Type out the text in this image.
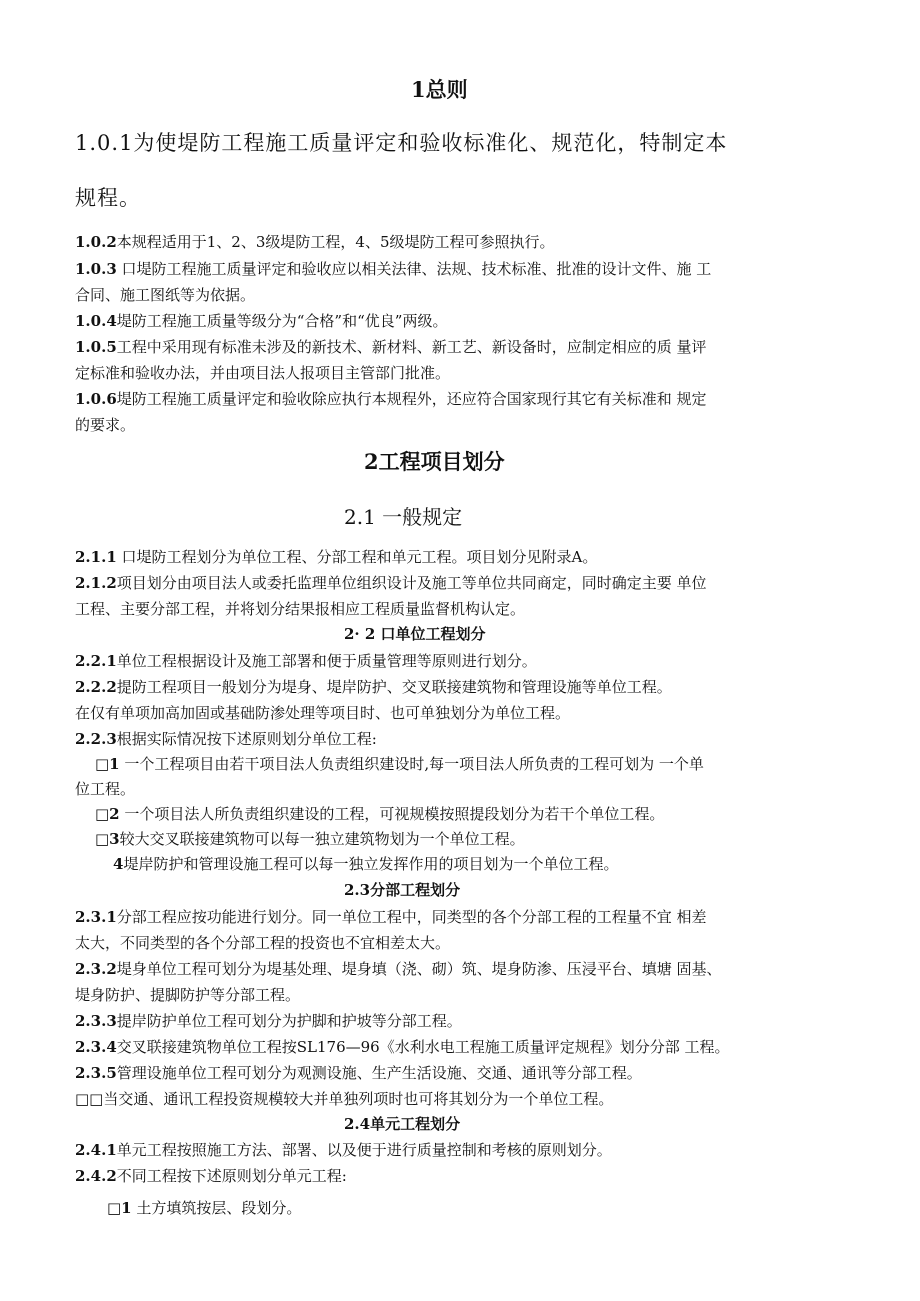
1总则
1.0.1为使堤防工程施工质量评定和验收标准化、规范化，特制定本
规程。
1.0.2本规程适用于1、2、3级堤防工程，4、5级堤防工程可参照执行。
1.0.3 口堤防工程施工质量评定和验收应以相关法律、法规、技术标准、批准的设计文件、施 工
合同、施工图纸等为依据。
1.0.4堤防工程施工质量等级分为“合格”和“优良”两级。
1.0.5工程中采用现有标准未涉及的新技术、新材料、新工艺、新设备时，应制定相应的质 量评
定标准和验收办法，并由项目法人报项目主管部门批准。
1.0.6堤防工程施工质量评定和验收除应执行本规程外，还应符合国家现行其它有关标准和 规定
的要求。
2工程项目划分
2.1 一般规定
2.1.1 口堤防工程划分为单位工程、分部工程和单元工程。项目划分见附录A。
2.1.2项目划分由项目法人或委托监理单位组织设计及施工等单位共同商定，同时确定主要 单位
工程、主要分部工程，并将划分结果报相应工程质量监督机构认定。
2· 2 口单位工程划分
2.2.1单位工程根据设计及施工部署和便于质量管理等原则进行划分。
2.2.2提防工程项目一般划分为堤身、堤岸防护、交叉联接建筑物和管理设施等单位工程。
在仅有单项加高加固或基础防渗处理等项目时、也可单独划分为单位工程。
2.2.3根据实际情况按下述原则划分单位工程:
□1 一个工程项目由若干项目法人负责组织建设时,每一项目法人所负责的工程可划为 一个单
位工程。
□2 一个项目法人所负责组织建设的工程，可视规模按照提段划分为若干个单位工程。
□3较大交叉联接建筑物可以每一独立建筑物划为一个单位工程。
4堤岸防护和管理设施工程可以每一独立发挥作用的项目划为一个单位工程。
2.3分部工程划分
2.3.1分部工程应按功能进行划分。同一单位工程中，同类型的各个分部工程的工程量不宜 相差
太大，不同类型的各个分部工程的投资也不宜相差太大。
2.3.2堤身单位工程可划分为堤基处理、堤身填（浇、砌）筑、堤身防渗、压浸平台、填塘 固基、
堤身防护、提脚防护等分部工程。
2.3.3提岸防护单位工程可划分为护脚和护坡等分部工程。
2.3.4交叉联接建筑物单位工程按SL176—96《水利水电工程施工质量评定规程》划分分部 工程。
2.3.5管理设施单位工程可划分为观测设施、生产生活设施、交通、通讯等分部工程。
□□当交通、通讯工程投资规模较大并单独列项时也可将其划分为一个单位工程。
2.4单元工程划分
2.4.1单元工程按照施工方法、部署、以及便于进行质量控制和考核的原则划分。
2.4.2不同工程按下述原则划分单元工程:
□1 土方填筑按层、段划分。
